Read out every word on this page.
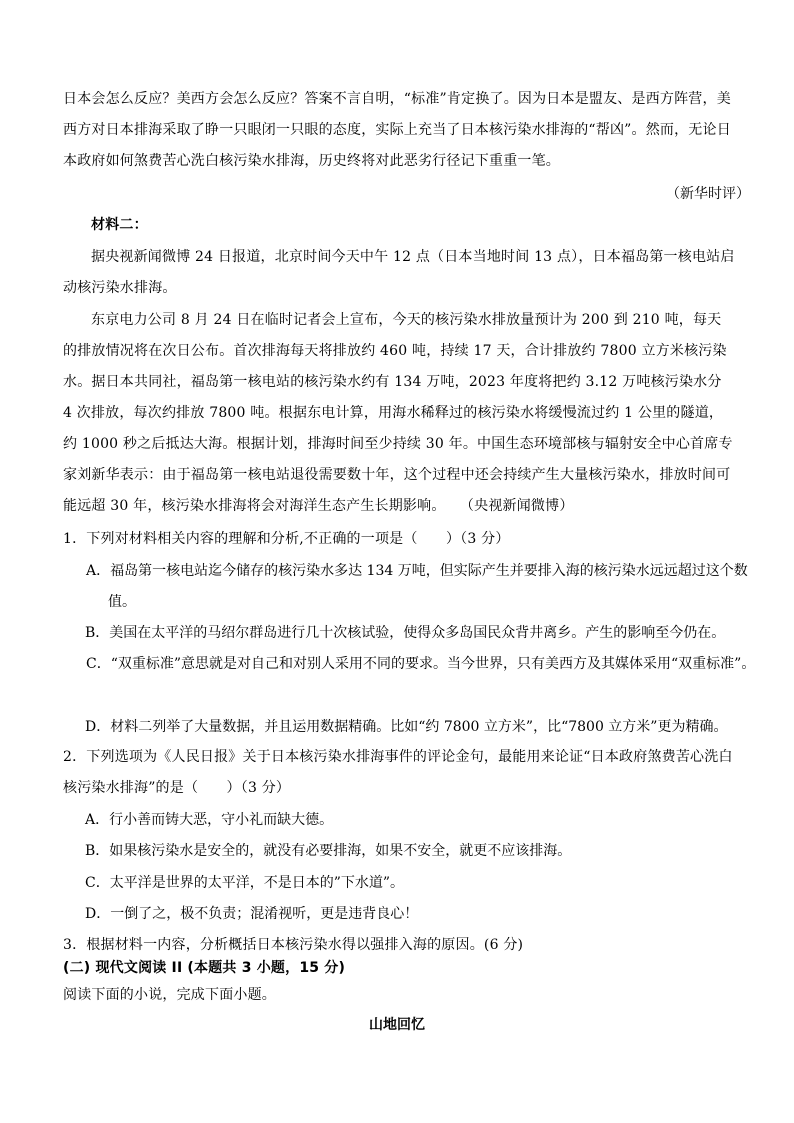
日本会怎么反应？美西方会怎么反应？答案不言自明，“标准”肯定换了。因为日本是盟友、是西方阵营，美西方对日本排海采取了睁一只眼闭一只眼的态度，实际上充当了日本核污染水排海的“帮凶”。然而，无论日本政府如何煞费苦心洗白核污染水排海，历史终将对此恶劣行径记下重重一笔。

（新华时评）

材料二：

据央视新闻微博 24 日报道，北京时间今天中午 12 点（日本当地时间 13 点），日本福岛第一核电站启动核污染水排海。

东京电力公司 8 月 24 日在临时记者会上宣布，今天的核污染水排放量预计为 200 到 210 吨，每天的排放情况将在次日公布。首次排海每天将排放约 460 吨，持续 17 天，合计排放约 7800 立方米核污染水。据日本共同社，福岛第一核电站的核污染水约有 134 万吨，2023 年度将把约 3.12 万吨核污染水分 4 次排放，每次约排放 7800 吨。根据东电计算，用海水稀释过的核污染水将缓慢流过约 1 公里的隧道，约 1000 秒之后抵达大海。根据计划，排海时间至少持续 30 年。中国生态环境部核与辐射安全中心首席专家刘新华表示：由于福岛第一核电站退役需要数十年，这个过程中还会持续产生大量核污染水，排放时间可能远超 30 年，核污染水排海将会对海洋生态产生长期影响。　　（央视新闻微博）

1．下列对材料相关内容的理解和分析,不正确的一项是（　　）（3 分）

A．福岛第一核电站迄今储存的核污染水多达 134 万吨，但实际产生并要排入海的核污染水远远超过这个数值。
B．美国在太平洋的马绍尔群岛进行几十次核试验，使得众多岛国民众背井离乡。产生的影响至今仍在。
C．“双重标准”意思就是对自己和对别人采用不同的要求。当今世界，只有美西方及其媒体采用“双重标准”。
D．材料二列举了大量数据，并且运用数据精确。比如“约 7800 立方米”，比“7800 立方米”更为精确。

2．下列选项为《人民日报》关于日本核污染水排海事件的评论金句，最能用来论证“日本政府煞费苦心洗白核污染水排海”的是（　　）（3 分）

A．行小善而铸大恶，守小礼而缺大德。
B．如果核污染水是安全的，就没有必要排海，如果不安全，就更不应该排海。
C．太平洋是世界的太平洋，不是日本的”下水道”。
D．一倒了之，极不负责；混淆视听，更是违背良心！

3．根据材料一内容，分析概括日本核污染水得以强排入海的原因。(6 分)

(二) 现代文阅读 II (本题共 3 小题，15 分)

阅读下面的小说，完成下面小题。

山地回忆
